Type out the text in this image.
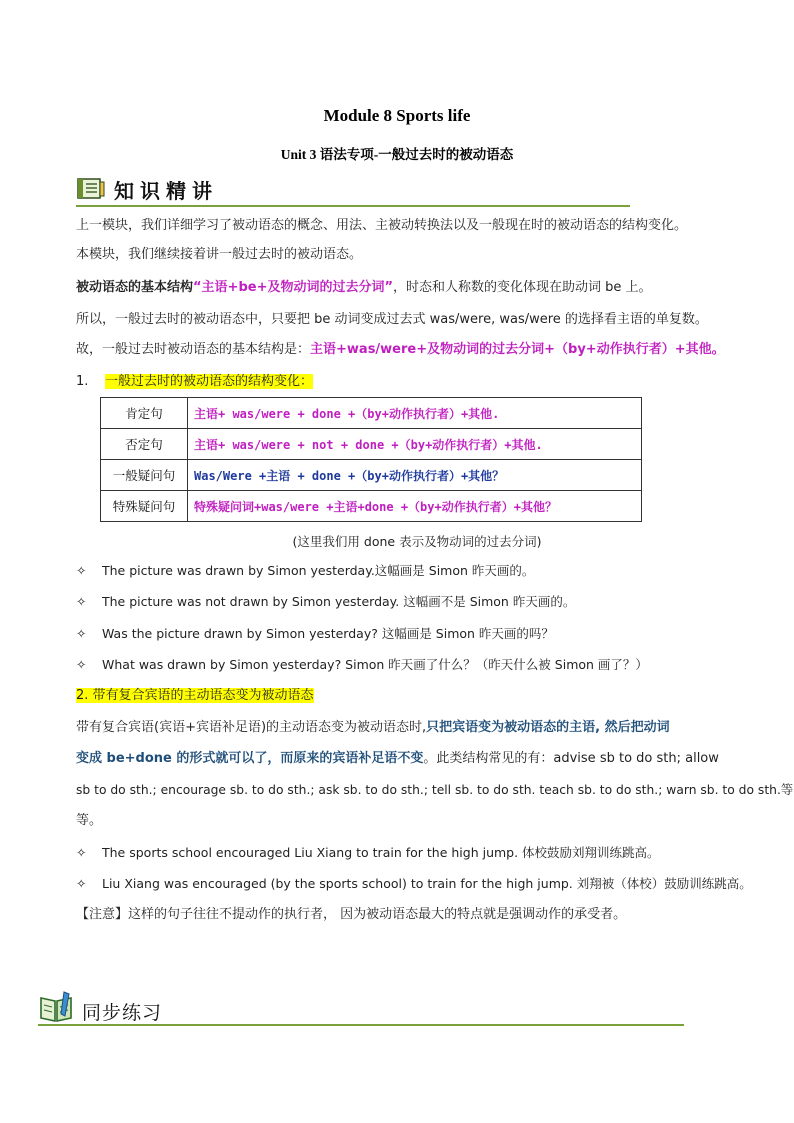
Module 8 Sports life
Unit 3 语法专项-一般过去时的被动语态
知识精讲
上一模块，我们详细学习了被动语态的概念、用法、主被动转换法以及一般现在时的被动语态的结构变化。
本模块，我们继续接着讲一般过去时的被动语态。
被动语态的基本结构“主语+be+及物动词的过去分词”，时态和人称数的变化体现在助动词 be 上。
所以，一般过去时的被动语态中，只要把 be 动词变成过去式 was/were, was/were 的选择看主语的单复数。
故，一般过去时被动语态的基本结构是：主语+was/were+及物动词的过去分词+（by+动作执行者）+其他。
1. 一般过去时的被动语态的结构变化：
肯定句	主语+ was/were + done +（by+动作执行者）+其他.
否定句	主语+ was/were + not + done +（by+动作执行者）+其他.
一般疑问句	Was/Were +主语 + done +（by+动作执行者）+其他？
特殊疑问句	特殊疑问词+was/were +主语+done +（by+动作执行者）+其他？
(这里我们用 done 表示及物动词的过去分词)
✧ The picture was drawn by Simon yesterday.这幅画是 Simon 昨天画的。
✧ The picture was not drawn by Simon yesterday. 这幅画不是 Simon 昨天画的。
✧ Was the picture drawn by Simon yesterday? 这幅画是 Simon 昨天画的吗？
✧ What was drawn by Simon yesterday? Simon 昨天画了什么？（昨天什么被 Simon 画了？）
2. 带有复合宾语的主动语态变为被动语态
带有复合宾语(宾语+宾语补足语)的主动语态变为被动语态时,只把宾语变为被动语态的主语, 然后把动词
变成 be+done 的形式就可以了，而原来的宾语补足语不变。此类结构常见的有：advise sb to do sth; allow
sb to do sth.; encourage sb. to do sth.; ask sb. to do sth.; tell sb. to do sth. teach sb. to do sth.; warn sb. to do sth.等
等。
✧ The sports school encouraged Liu Xiang to train for the high jump. 体校鼓励刘翔训练跳高。
✧ Liu Xiang was encouraged (by the sports school) to train for the high jump. 刘翔被（体校）鼓励训练跳高。
【注意】这样的句子往往不提动作的执行者， 因为被动语态最大的特点就是强调动作的承受者。
同步练习
